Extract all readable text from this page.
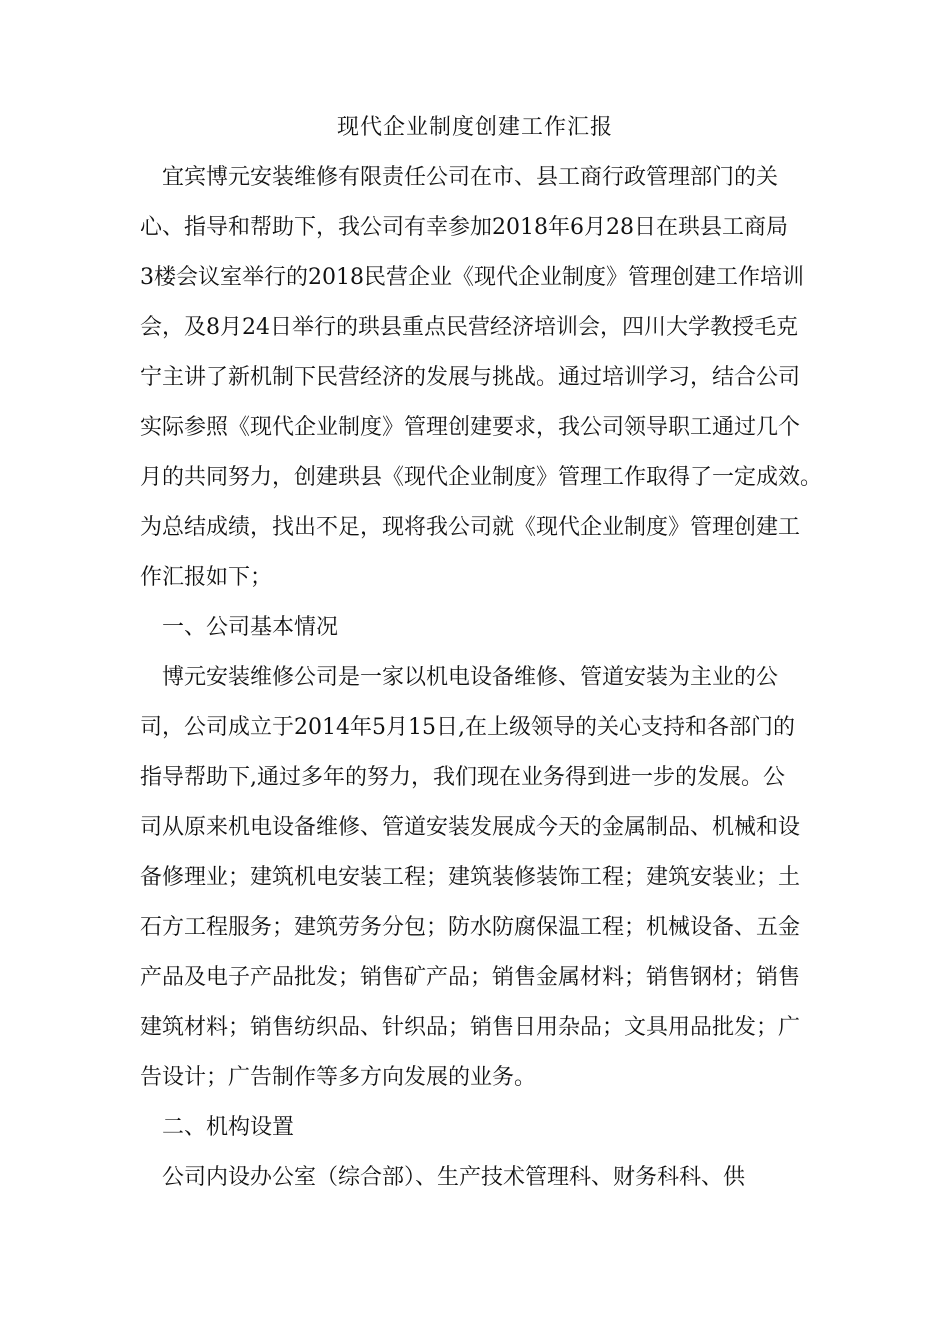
现代企业制度创建工作汇报
　宜宾博元安装维修有限责任公司在市、县工商行政管理部门的关
心、指导和帮助下，我公司有幸参加2018年6月28日在珙县工商局
3楼会议室举行的2018民营企业《现代企业制度》管理创建工作培训
会，及8月24日举行的珙县重点民营经济培训会，四川大学教授毛克
宁主讲了新机制下民营经济的发展与挑战。通过培训学习，结合公司
实际参照《现代企业制度》管理创建要求，我公司领导职工通过几个
月的共同努力，创建珙县《现代企业制度》管理工作取得了一定成效。
为总结成绩，找出不足，现将我公司就《现代企业制度》管理创建工
作汇报如下；
　一、公司基本情况
　博元安装维修公司是一家以机电设备维修、管道安装为主业的公
司，公司成立于2014年5月15日,在上级领导的关心支持和各部门的
指导帮助下,通过多年的努力，我们现在业务得到进一步的发展。公
司从原来机电设备维修、管道安装发展成今天的金属制品、机械和设
备修理业；建筑机电安装工程；建筑装修装饰工程；建筑安装业；土
石方工程服务；建筑劳务分包；防水防腐保温工程；机械设备、五金
产品及电子产品批发；销售矿产品；销售金属材料；销售钢材；销售
建筑材料；销售纺织品、针织品；销售日用杂品；文具用品批发；广
告设计；广告制作等多方向发展的业务。
　二、机构设置
　公司内设办公室（综合部）、生产技术管理科、财务科科、供
